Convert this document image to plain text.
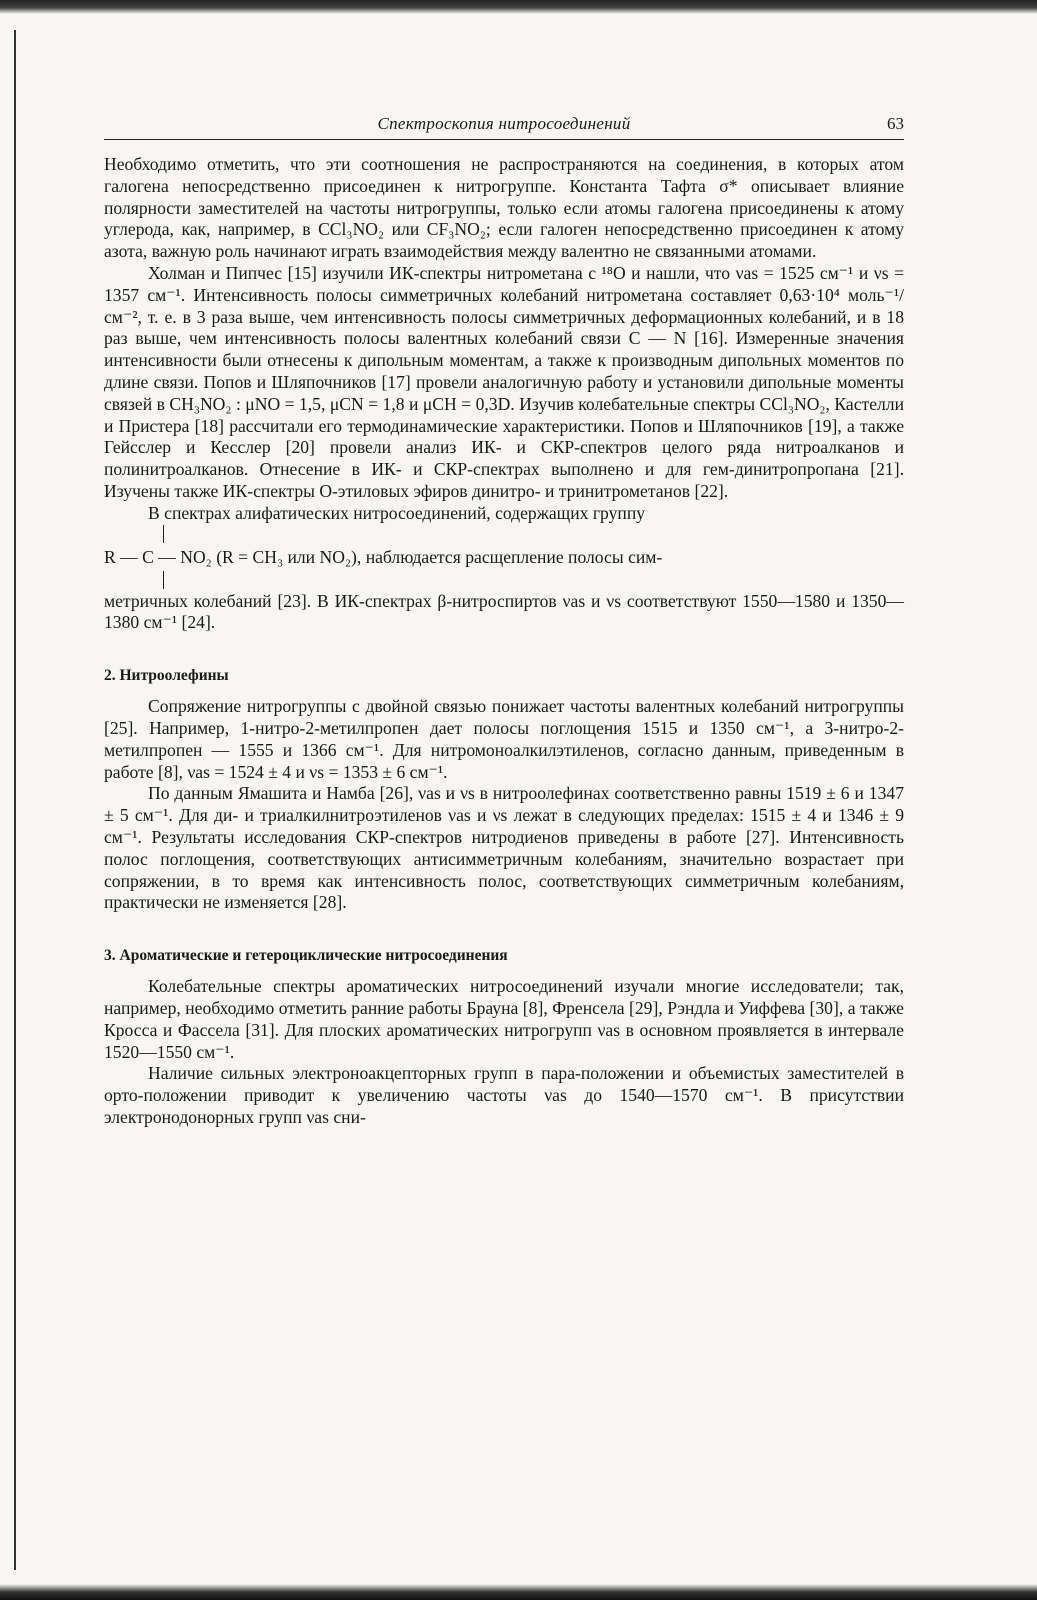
Спектроскопия нитросоединений	63

Необходимо отметить, что эти соотношения не распространяются на соединения, в которых атом галогена непосредственно присоединен к нитрогруппе. Константа Тафта σ* описывает влияние полярности заместителей на частоты нитрогруппы, только если атомы галогена присоединены к атому углерода, как, например, в CCl₃NO₂ или CF₃NO₂; если галоген непосредственно присоединен к атому азота, важную роль начинают играть взаимодействия между валентно не связанными атомами.

Холман и Пипчес [15] изучили ИК-спектры нитрометана с ¹⁸O и нашли, что νas = 1525 см⁻¹ и νs = 1357 см⁻¹. Интенсивность полосы симметричных колебаний нитрометана составляет 0,63·10⁴ моль⁻¹/см⁻², т. е. в 3 раза выше, чем интенсивность полосы симметричных деформационных колебаний, и в 18 раз выше, чем интенсивность полосы валентных колебаний связи C — N [16]. Измеренные значения интенсивности были отнесены к дипольным моментам, а также к производным дипольных моментов по длине связи. Попов и Шляпочников [17] провели аналогичную работу и установили дипольные моменты связей в CH₃NO₂ : μNO = 1,5, μCN = 1,8 и μCH = 0,3D. Изучив колебательные спектры CCl₃NO₂, Кастелли и Пристера [18] рассчитали его термодинамические характеристики. Попов и Шляпочников [19], а также Гейсслер и Кесслер [20] провели анализ ИК- и СКР-спектров целого ряда нитроалканов и полинитроалканов. Отнесение в ИК- и СКР-спектрах выполнено и для гем-динитропропана [21]. Изучены также ИК-спектры O-этиловых эфиров динитро- и тринитрометанов [22].

В спектрах алифатических нитросоединений, содержащих группу

R — C — NO₂ (R = CH₃ или NO₂), наблюдается расщепление полосы сим-

метричных колебаний [23]. В ИК-спектрах β-нитроспиртов νas и νs соответствуют 1550—1580 и 1350—1380 см⁻¹ [24].

2. Нитроолефины

Сопряжение нитрогруппы с двойной связью понижает частоты валентных колебаний нитрогруппы [25]. Например, 1-нитро-2-метилпропен дает полосы поглощения 1515 и 1350 см⁻¹, а 3-нитро-2-метилпропен — 1555 и 1366 см⁻¹. Для нитромоноалкилэтиленов, согласно данным, приведенным в работе [8], νas = 1524 ± 4 и νs = 1353 ± 6 см⁻¹.

По данным Ямашита и Намба [26], νas и νs в нитроолефинах соответственно равны 1519 ± 6 и 1347 ± 5 см⁻¹. Для ди- и триалкилнитроэтиленов νas и νs лежат в следующих пределах: 1515 ± 4 и 1346 ± 9 см⁻¹. Результаты исследования СКР-спектров нитродиенов приведены в работе [27]. Интенсивность полос поглощения, соответствующих антисимметричным колебаниям, значительно возрастает при сопряжении, в то время как интенсивность полос, соответствующих симметричным колебаниям, практически не изменяется [28].

3. Ароматические и гетероциклические нитросоединения

Колебательные спектры ароматических нитросоединений изучали многие исследователи; так, например, необходимо отметить ранние работы Брауна [8], Френсела [29], Рэндла и Уиффева [30], а также Кросса и Фассела [31]. Для плоских ароматических нитрогрупп νas в основном проявляется в интервале 1520—1550 см⁻¹.

Наличие сильных электроноакцепторных групп в пара-положении и объемистых заместителей в орто-положении приводит к увеличению частоты νas до 1540—1570 см⁻¹. В присутствии электронодонорных групп νas сни-
